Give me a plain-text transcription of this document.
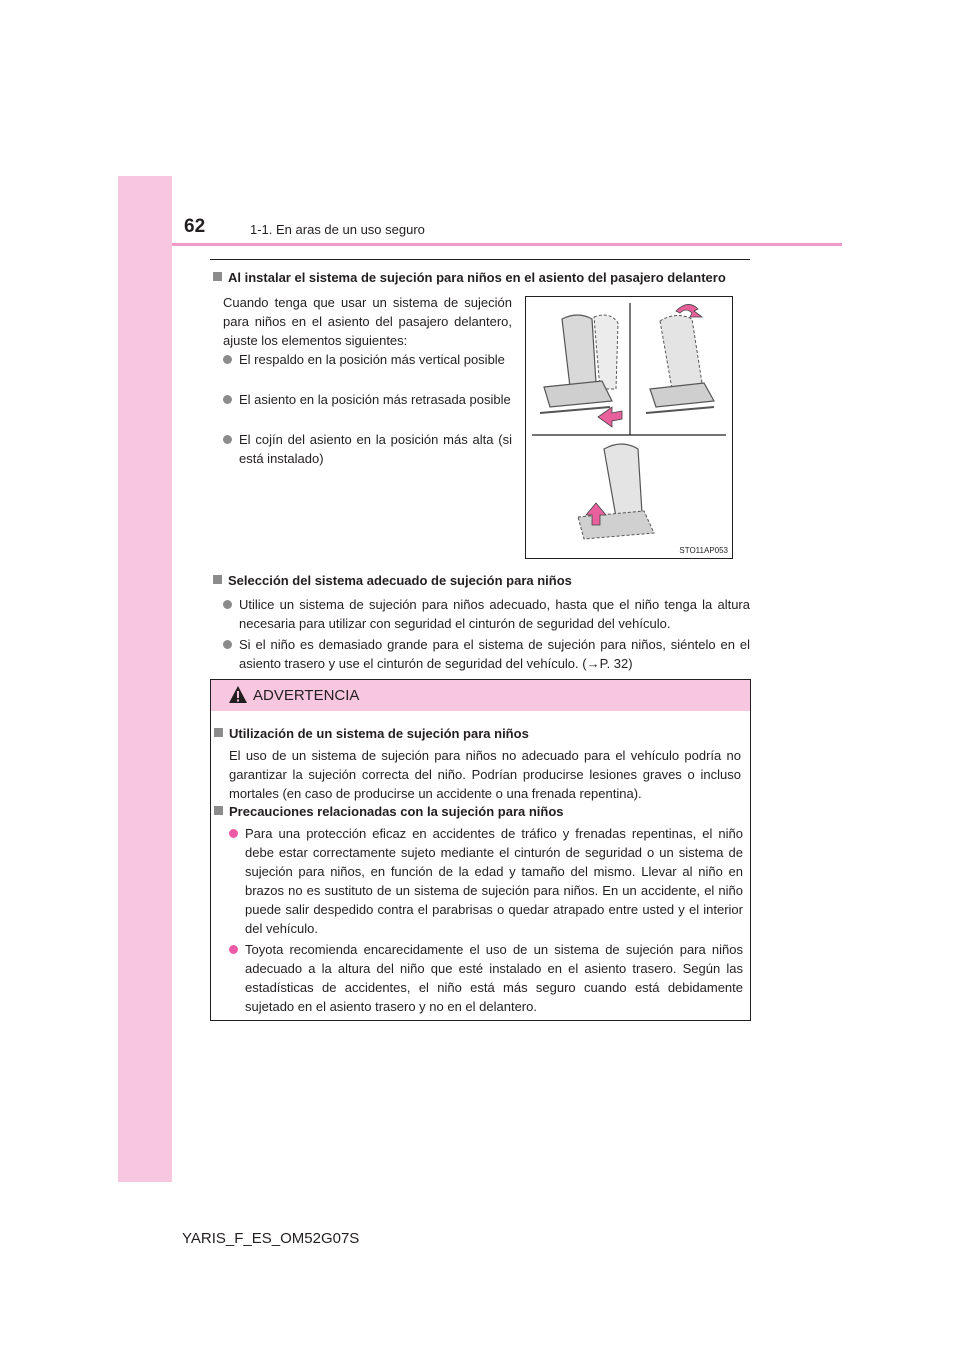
62	1-1. En aras de un uso seguro
Al instalar el sistema de sujeción para niños en el asiento del pasajero delantero
Cuando tenga que usar un sistema de sujeción para niños en el asiento del pasajero delantero, ajuste los elementos siguientes:
El respaldo en la posición más vertical posible
El asiento en la posición más retrasada posible
El cojín del asiento en la posición más alta (si está instalado)
STO11AP053
Selección del sistema adecuado de sujeción para niños
Utilice un sistema de sujeción para niños adecuado, hasta que el niño tenga la altura necesaria para utilizar con seguridad el cinturón de seguridad del vehículo.
Si el niño es demasiado grande para el sistema de sujeción para niños, siéntelo en el asiento trasero y use el cinturón de seguridad del vehículo. (→P. 32)
ADVERTENCIA
Utilización de un sistema de sujeción para niños
El uso de un sistema de sujeción para niños no adecuado para el vehículo podría no garantizar la sujeción correcta del niño. Podrían producirse lesiones graves o incluso mortales (en caso de producirse un accidente o una frenada repentina).
Precauciones relacionadas con la sujeción para niños
Para una protección eficaz en accidentes de tráfico y frenadas repentinas, el niño debe estar correctamente sujeto mediante el cinturón de seguridad o un sistema de sujeción para niños, en función de la edad y tamaño del mismo. Llevar al niño en brazos no es sustituto de un sistema de sujeción para niños. En un accidente, el niño puede salir despedido contra el parabrisas o quedar atrapado entre usted y el interior del vehículo.
Toyota recomienda encarecidamente el uso de un sistema de sujeción para niños adecuado a la altura del niño que esté instalado en el asiento trasero. Según las estadísticas de accidentes, el niño está más seguro cuando está debidamente sujetado en el asiento trasero y no en el delantero.
YARIS_F_ES_OM52G07S
